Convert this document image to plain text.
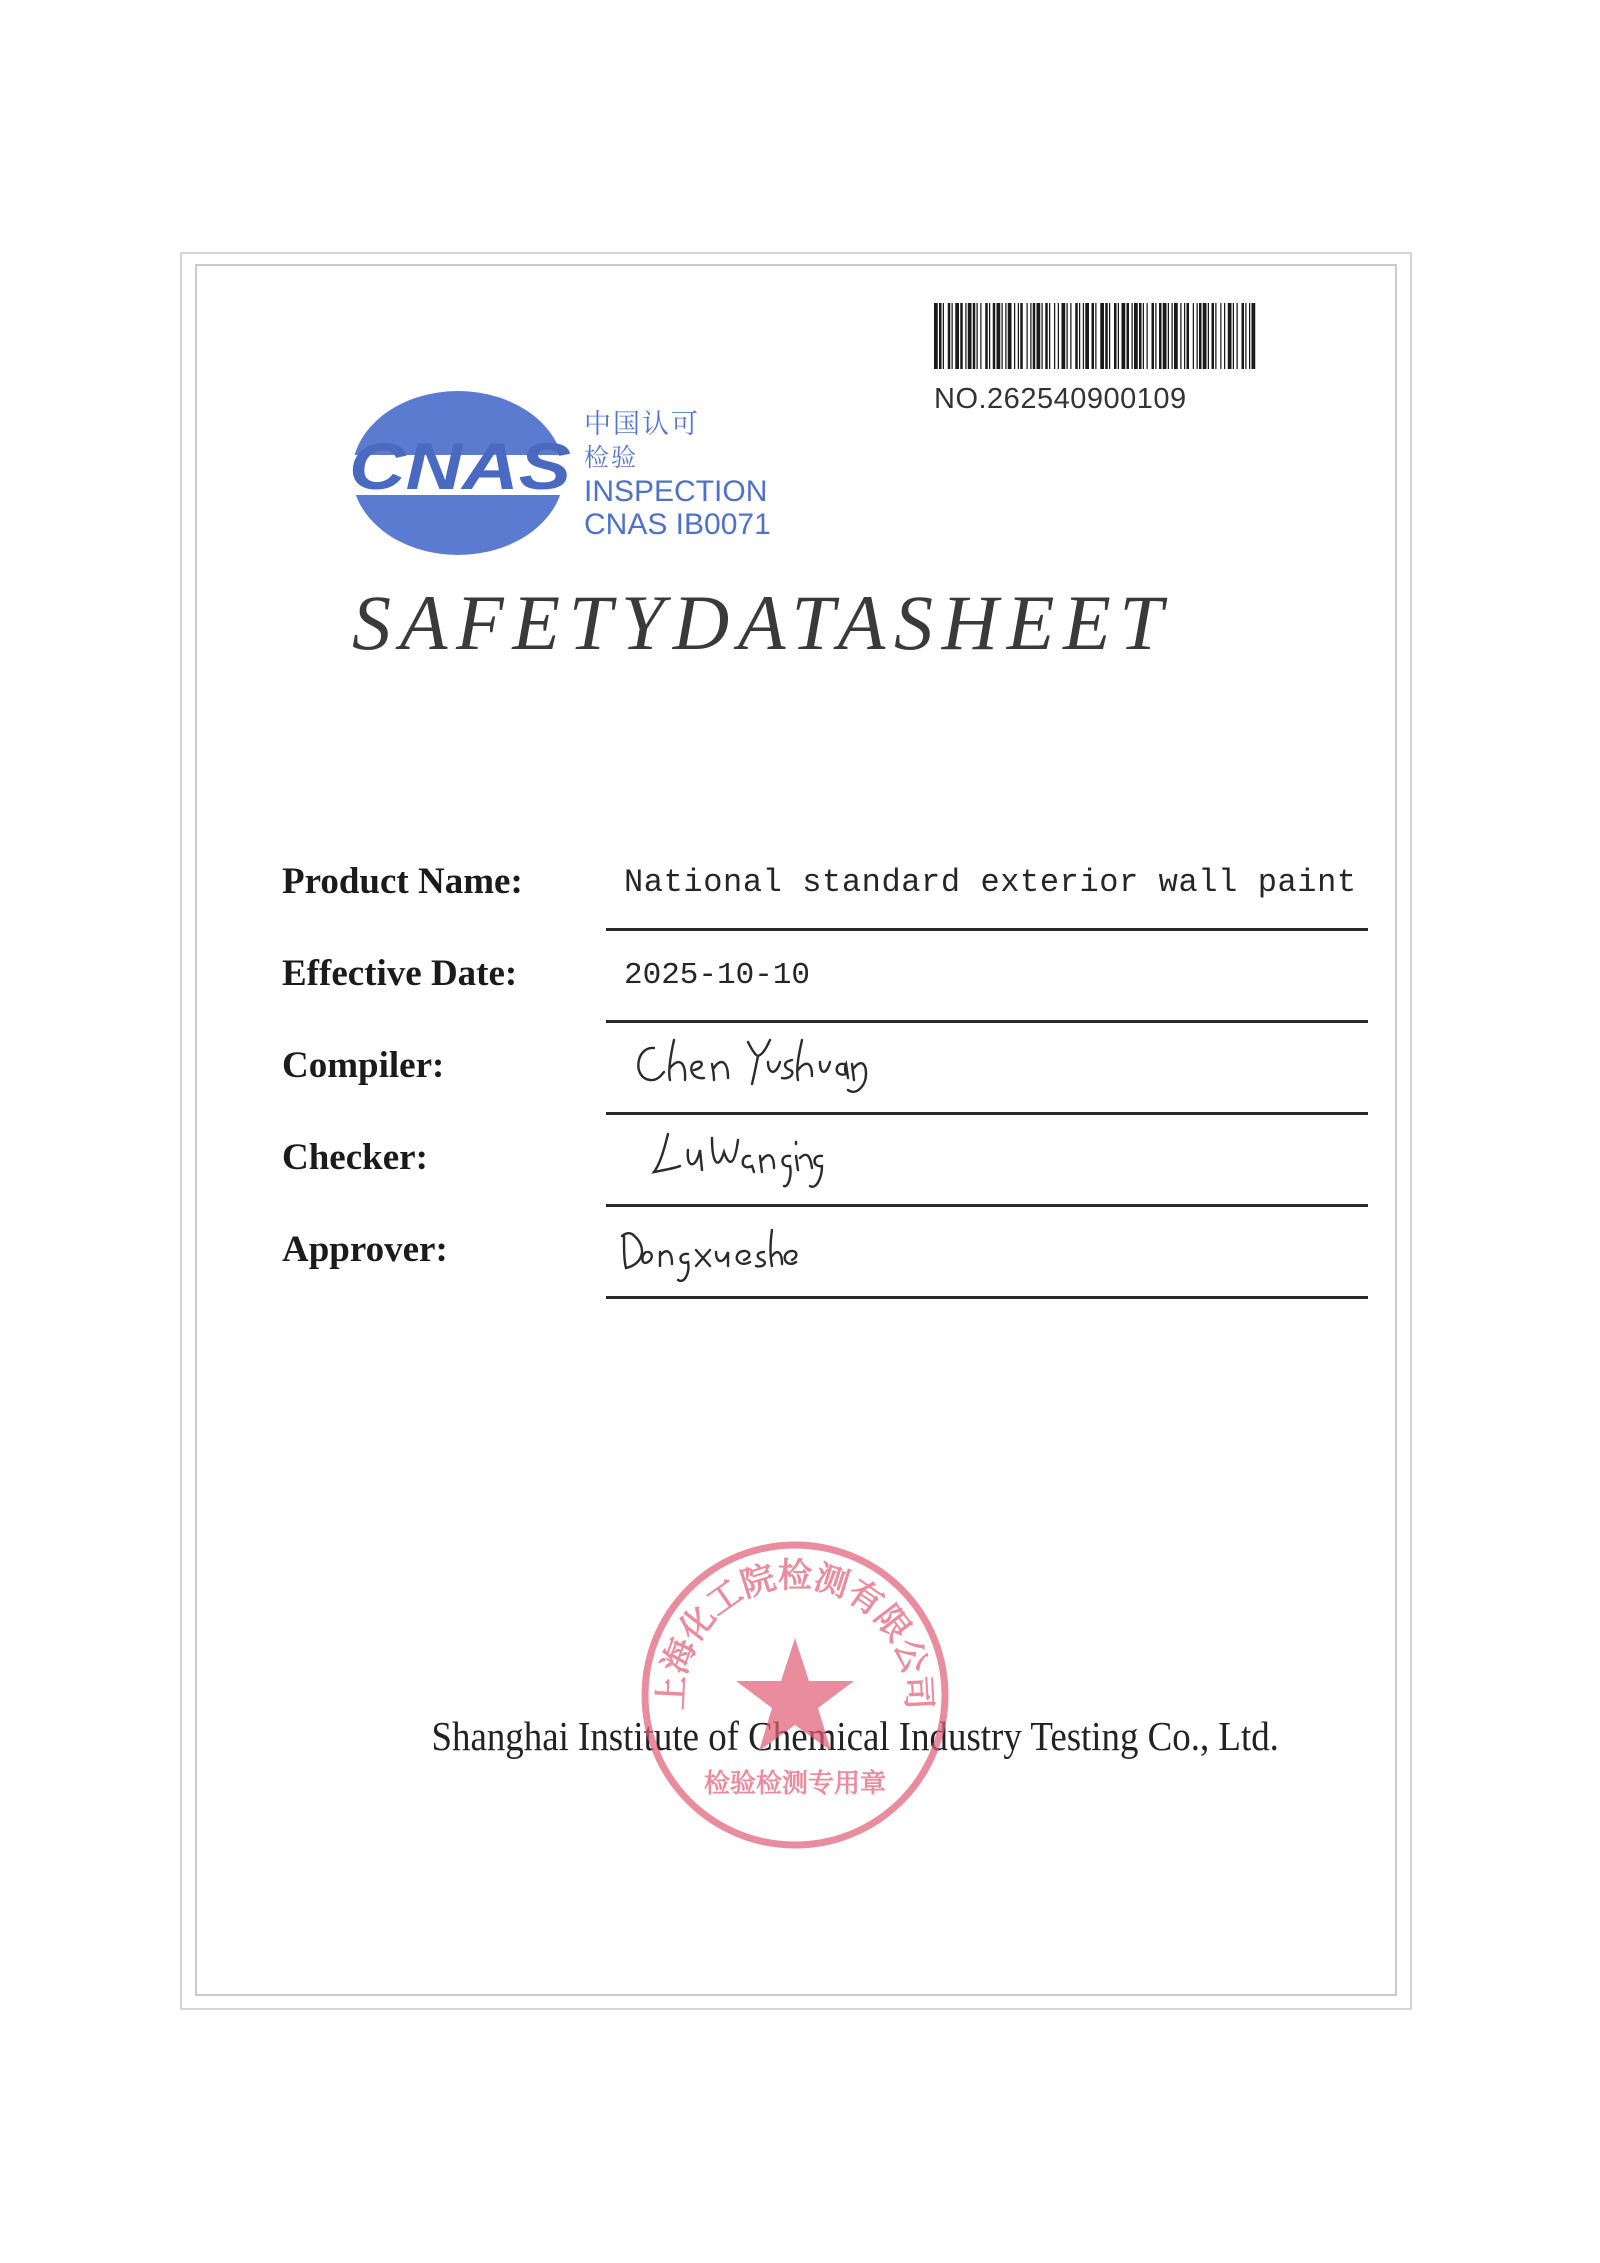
NO.262540900109
CNAS
中国认可
检验
INSPECTION
CNAS IB0071
SAFETYDATASHEET
Product Name:	National standard exterior wall paint
Effective Date:	2025-10-10
Compiler:
Checker:
Approver:
Shanghai Institute of Chemical Industry Testing Co., Ltd.
上海化工院检测有限公司
检验检测专用章
